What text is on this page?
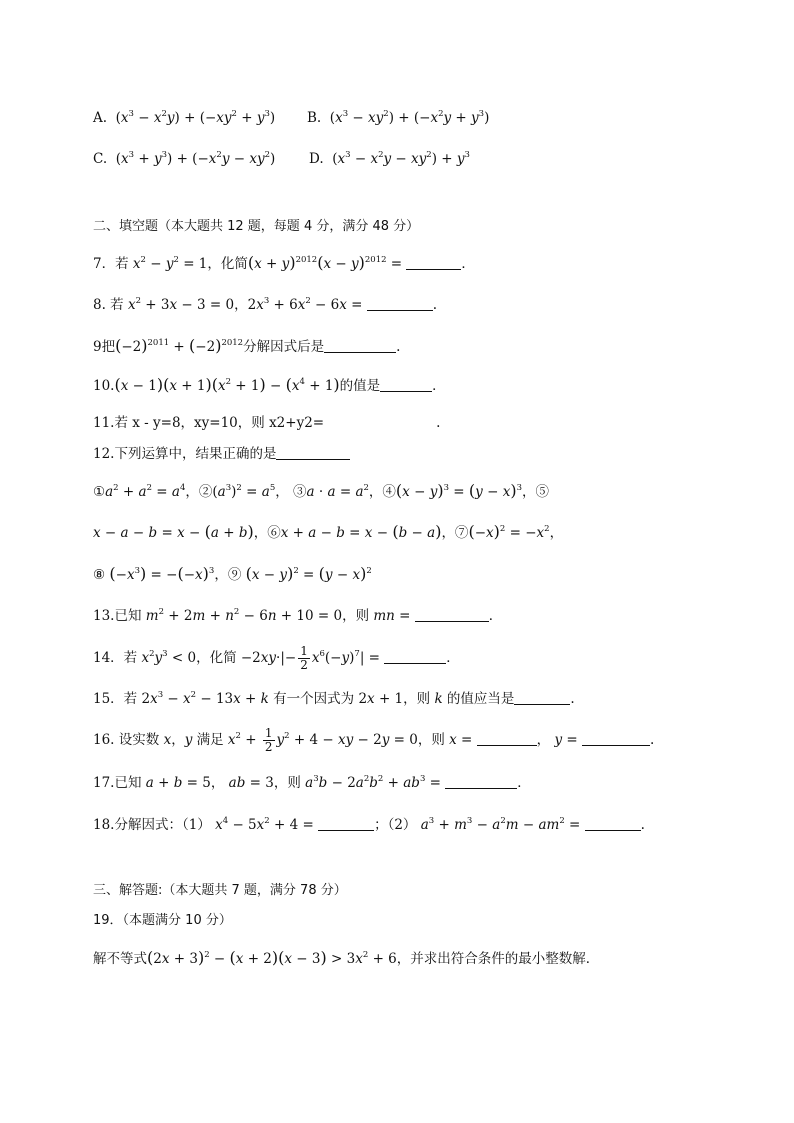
A.  $(x^3 - x^2y) + (-xy^2 + y^3)$ B.  $(x^3 - xy^2) + (-x^2y + y^3)$
C.  $(x^3 + y^3) + (-x^2y - xy^2)$ D.  $(x^3 - x^2y - xy^2) + y^3$
二、填空题（本大题共 12 题，每题 4 分，满分 48 分）
7．若 $x^2 - y^2 = 1$，化简$(x + y)^{2012}(x - y)^{2012}$ =	．
8. 若 $x^2 + 3x - 3 = 0$，$2x^3 + 6x^2 - 6x$ =	.
9把$(-2)^{2011} + (-2)^{2012}$分解因式后是	.
$10.(x - 1)(x + 1)(x^2 + 1) - (x^4 + 1)$的值是	．
11.若 x - y=8，xy=10，则 x2+y2=	.
12.下列运算中，结果正确的是
$①a^2 + a^2 = a^4$，$②(a^3)^2 = a^5$， ③a · $a = a^2$，④(x − $y)^3 = (y - x)^3$，⑤
x − a − b = x − (a + b)，⑥x + a − b = x − (b − a)，$⑦(-x)^2 = -x^2$，
⑧ $(-x^3) = -(-x)^3$，⑨ $(x - y)^2 = (y - x)^2$
13.已知 $m^2 + 2m + n^2 - 6n + 10 = 0$，则 mn =	．
14．若 $x^2y^3 < 0$，化简 $-2xy\cdot|- \frac{1}{2} x^6(-y)^7|$ =	．
15．若 $2x^3 - x^2 - 13x + k$ 有一个因式为 2x + 1，则 k 的值应当是	.
16. 设实数 x，y 满足 $x^2 + \frac{1}{2} y^2 + 4$ − xy − 2y = 0，则 x =	， y =	.
17.已知 a + b = 5， ab = 3，则 $a^3b - 2a^2b^2 + ab^3$ =	．
18.分解因式：（1） $x^4 - 5x^2 + 4$ =	；（2） $a^3 + m^3 - a^2m - am^2$ =	.
三、解答题:（本大题共 7 题，满分 78 分）
19．（本题满分 10 分）
解不等式$(2x + 3)^2 - (x + 2)(x - 3) > 3x^2 + 6$，并求出符合条件的最小整数解．
